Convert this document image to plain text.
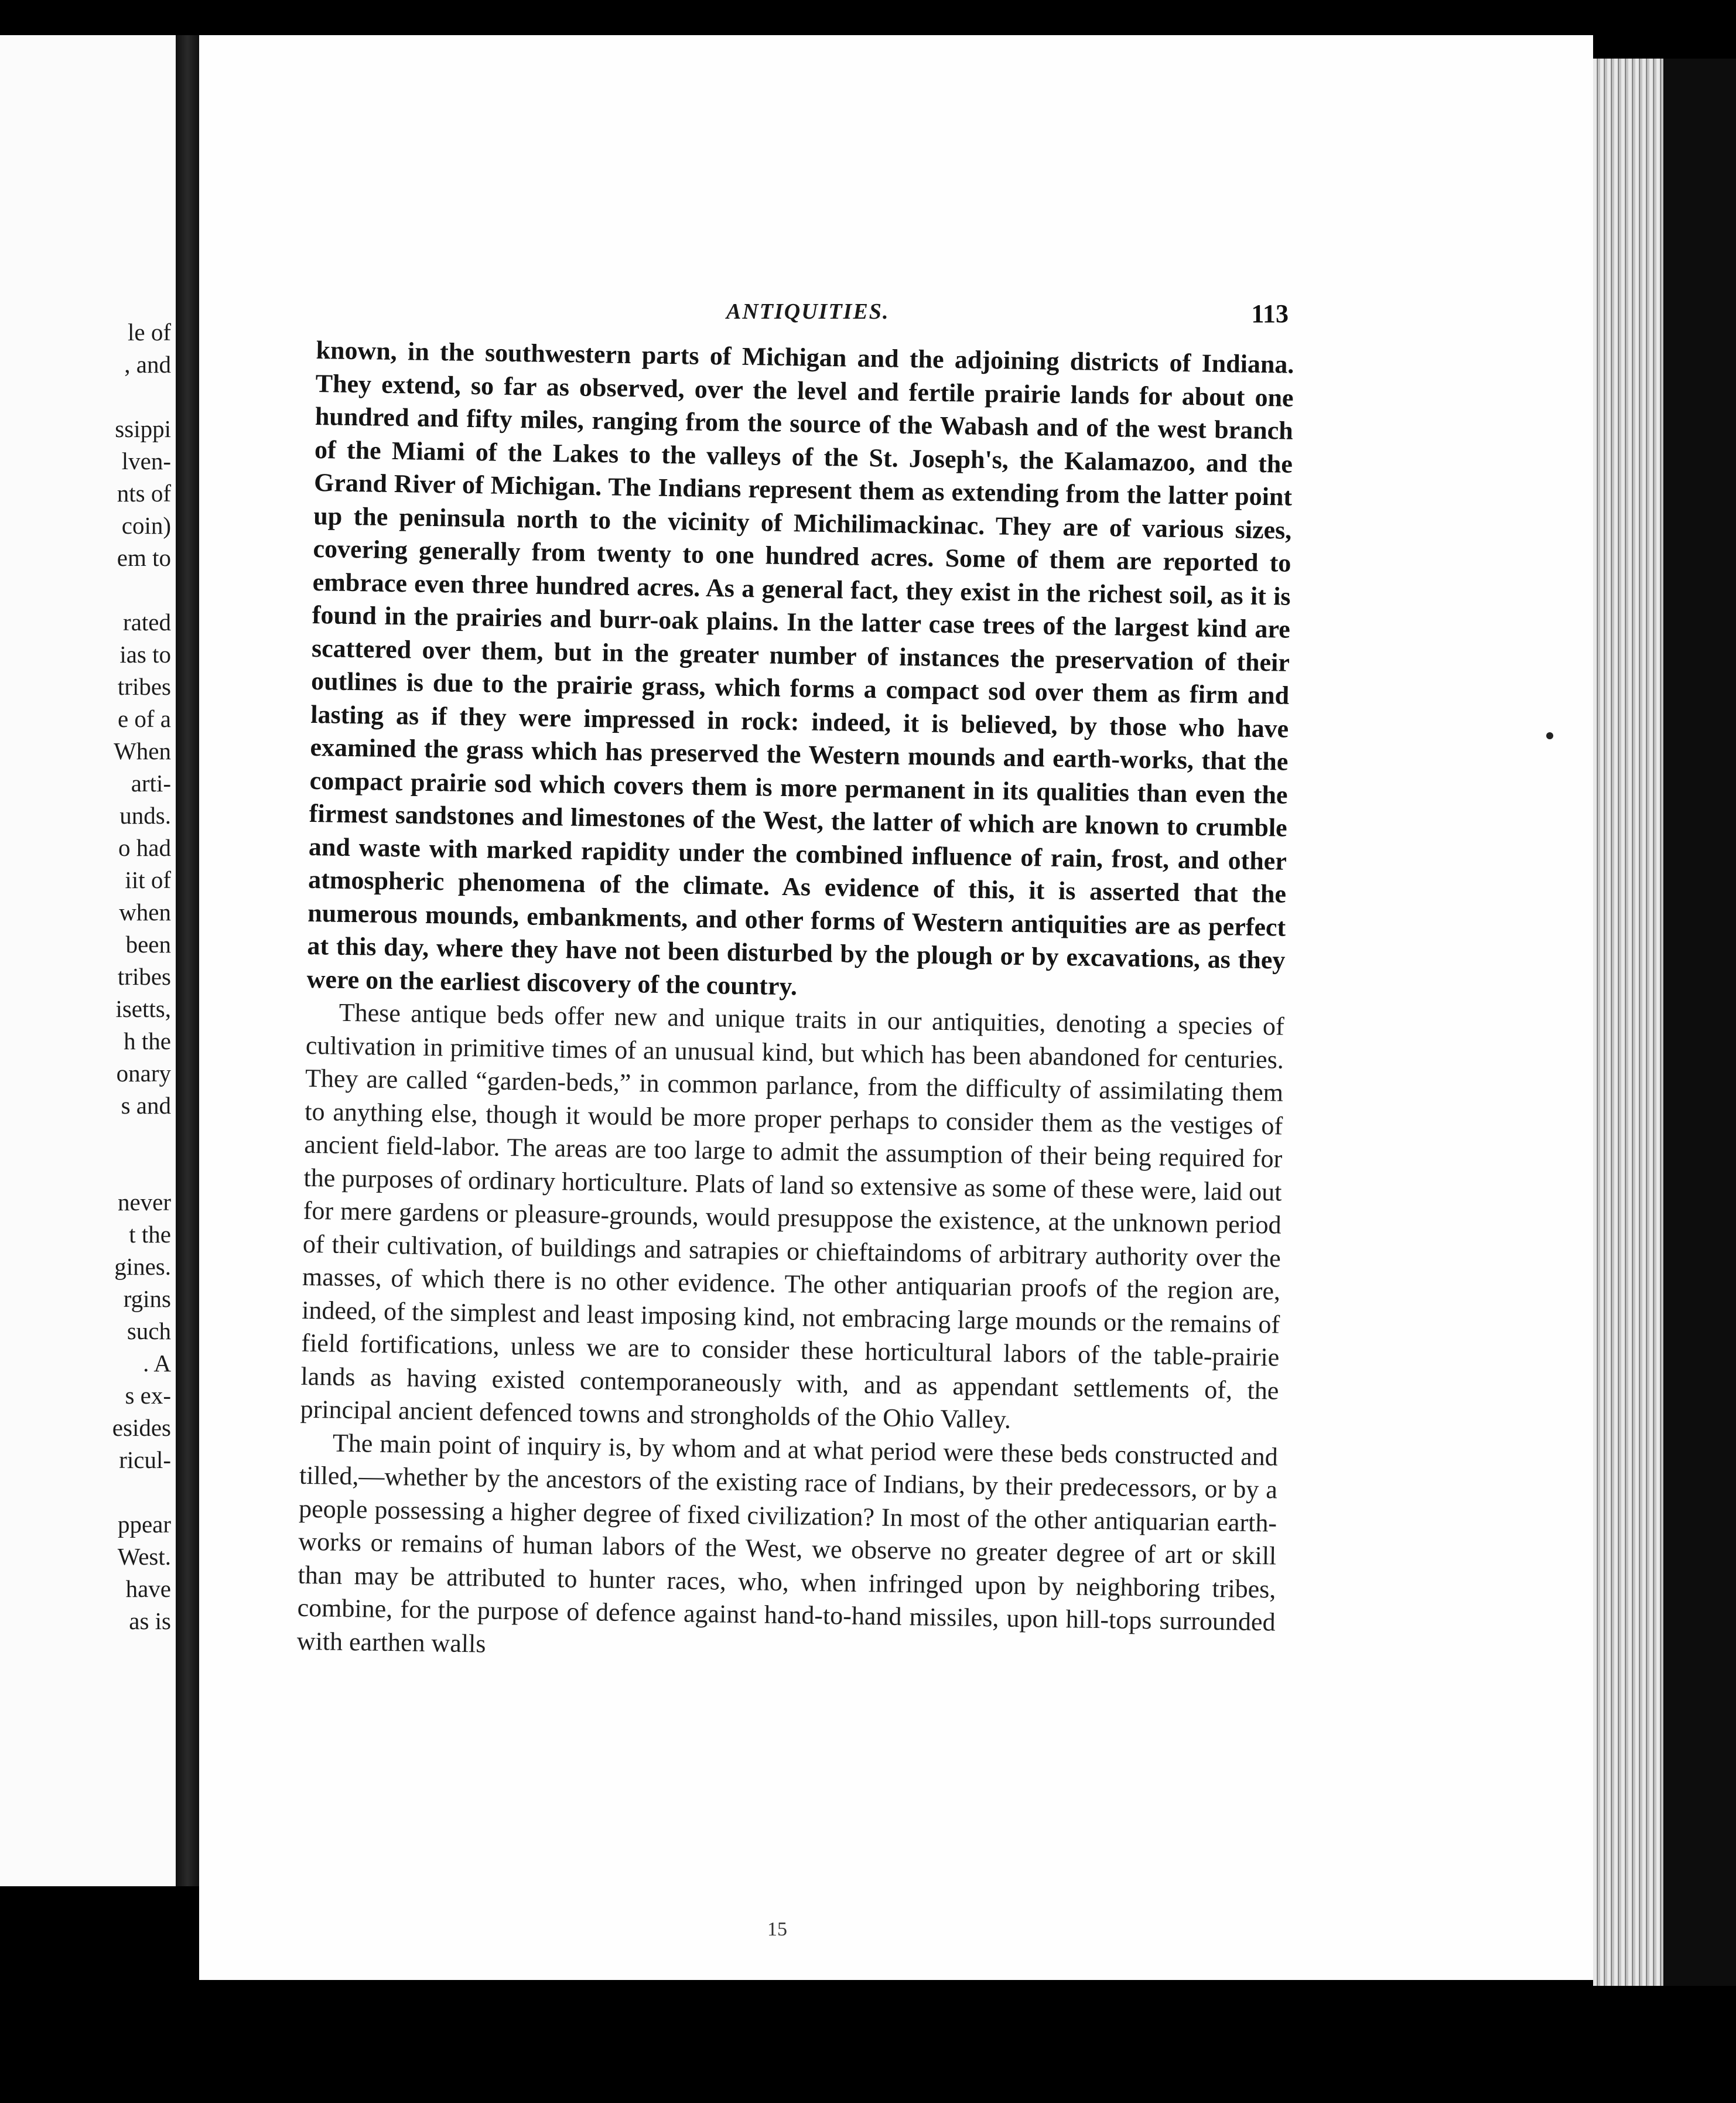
le of
, and

ssippi
lven-
nts of
coin)
em to

rated
ias to
tribes
e of a
When
arti-
unds.
o had
iit of
when
been
tribes
isetts,
h the
onary
s and

never
t the
gines.
rgins
such
. A
s ex-
esides
ricul-

ppear
West.
have
as is
ANTIQUITIES.	113

known, in the southwestern parts of Michigan and the adjoining districts of Indiana. They extend, so far as observed, over the level and fertile prairie lands for about one hundred and fifty miles, ranging from the source of the Wabash and of the west branch of the Miami of the Lakes to the valleys of the St. Joseph's, the Kalamazoo, and the Grand River of Michigan. The Indians represent them as extending from the latter point up the peninsula north to the vicinity of Michilimackinac. They are of various sizes, covering generally from twenty to one hundred acres. Some of them are reported to embrace even three hundred acres. As a general fact, they exist in the richest soil, as it is found in the prairies and burr-oak plains. In the latter case trees of the largest kind are scattered over them, but in the greater number of instances the preservation of their outlines is due to the prairie grass, which forms a compact sod over them as firm and lasting as if they were impressed in rock: indeed, it is believed, by those who have examined the grass which has preserved the Western mounds and earth-works, that the compact prairie sod which covers them is more permanent in its qualities than even the firmest sandstones and limestones of the West, the latter of which are known to crumble and waste with marked rapidity under the combined influence of rain, frost, and other atmospheric phenomena of the climate. As evidence of this, it is asserted that the numerous mounds, embankments, and other forms of Western antiquities are as perfect at this day, where they have not been disturbed by the plough or by excavations, as they were on the earliest discovery of the country.

These antique beds offer new and unique traits in our antiquities, denoting a species of cultivation in primitive times of an unusual kind, but which has been abandoned for centuries. They are called “garden-beds,” in common parlance, from the difficulty of assimilating them to anything else, though it would be more proper perhaps to consider them as the vestiges of ancient field-labor. The areas are too large to admit the assumption of their being required for the purposes of ordinary horticulture. Plats of land so extensive as some of these were, laid out for mere gardens or pleasure-grounds, would presuppose the existence, at the unknown period of their cultivation, of buildings and satrapies or chieftaindoms of arbitrary authority over the masses, of which there is no other evidence. The other antiquarian proofs of the region are, indeed, of the simplest and least imposing kind, not embracing large mounds or the remains of field fortifications, unless we are to consider these horticultural labors of the table-prairie lands as having existed contemporaneously with, and as appendant settlements of, the principal ancient defenced towns and strongholds of the Ohio Valley.

The main point of inquiry is, by whom and at what period were these beds constructed and tilled,—whether by the ancestors of the existing race of Indians, by their predecessors, or by a people possessing a higher degree of fixed civilization? In most of the other antiquarian earth-works or remains of human labors of the West, we observe no greater degree of art or skill than may be attributed to hunter races, who, when infringed upon by neighboring tribes, combine, for the purpose of defence against hand-to-hand missiles, upon hill-tops surrounded with earthen walls

15
